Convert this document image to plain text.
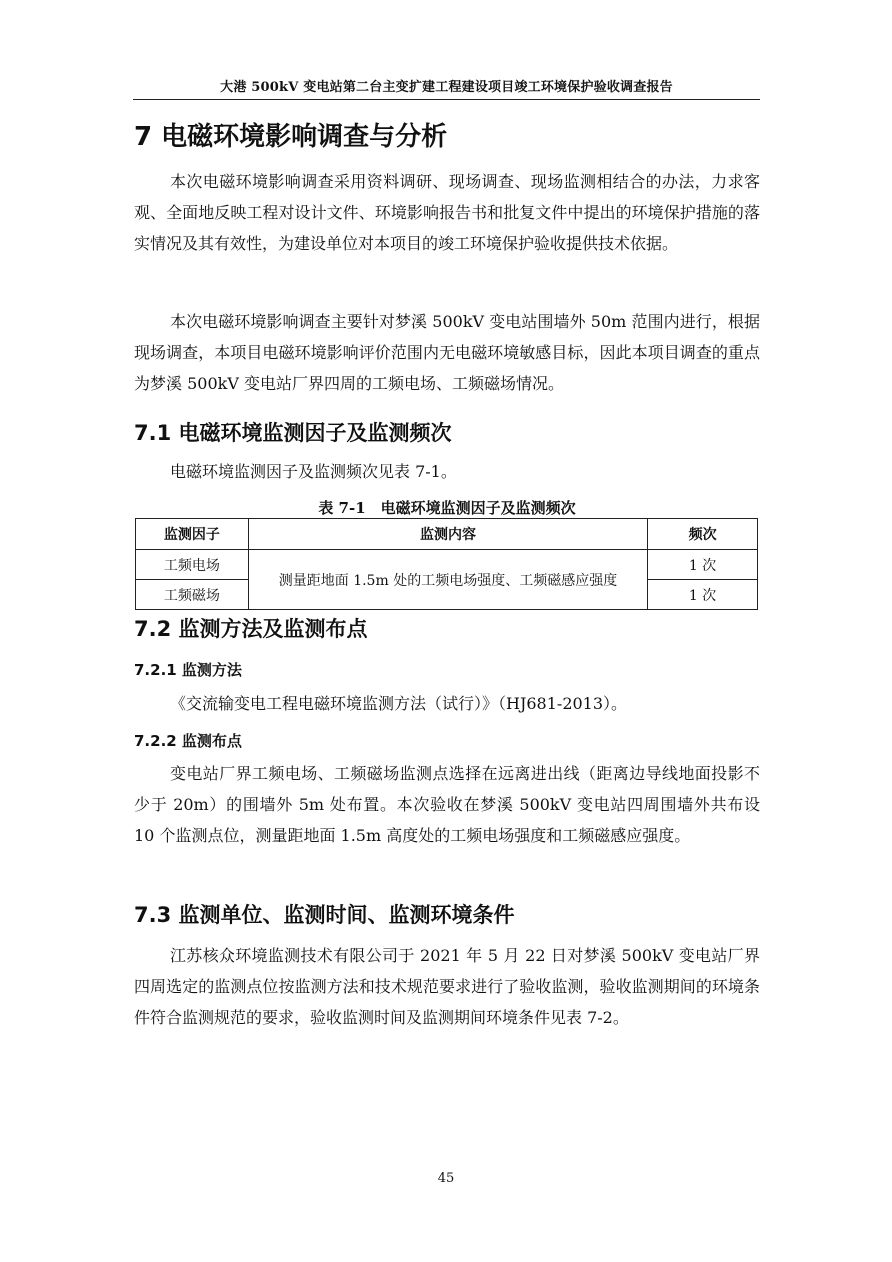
大港 500kV 变电站第二台主变扩建工程建设项目竣工环境保护验收调查报告
7 电磁环境影响调查与分析

本次电磁环境影响调查采用资料调研、现场调查、现场监测相结合的办法，力求客观、全面地反映工程对设计文件、环境影响报告书和批复文件中提出的环境保护措施的落实情况及其有效性，为建设单位对本项目的竣工环境保护验收提供技术依据。

本次电磁环境影响调查主要针对梦溪 500kV 变电站围墙外 50m 范围内进行，根据现场调查，本项目电磁环境影响评价范围内无电磁环境敏感目标，因此本项目调查的重点为梦溪 500kV 变电站厂界四周的工频电场、工频磁场情况。

7.1 电磁环境监测因子及监测频次

电磁环境监测因子及监测频次见表 7-1。

表 7-1　电磁环境监测因子及监测频次
监测因子	监测内容	频次
工频电场	测量距地面 1.5m 处的工频电场强度、工频磁感应强度	1 次
工频磁场		1 次
7.2 监测方法及监测布点
7.2.1 监测方法

《交流输变电工程电磁环境监测方法（试行）》（HJ681-2013）。

7.2.2 监测布点

变电站厂界工频电场、工频磁场监测点选择在远离进出线（距离边导线地面投影不少于 20m）的围墙外 5m 处布置。本次验收在梦溪 500kV 变电站四周围墙外共布设 10 个监测点位，测量距地面 1.5m 高度处的工频电场强度和工频磁感应强度。

7.3 监测单位、监测时间、监测环境条件

江苏核众环境监测技术有限公司于 2021 年 5 月 22 日对梦溪 500kV 变电站厂界四周选定的监测点位按监测方法和技术规范要求进行了验收监测，验收监测期间的环境条件符合监测规范的要求，验收监测时间及监测期间环境条件见表 7-2。

45
